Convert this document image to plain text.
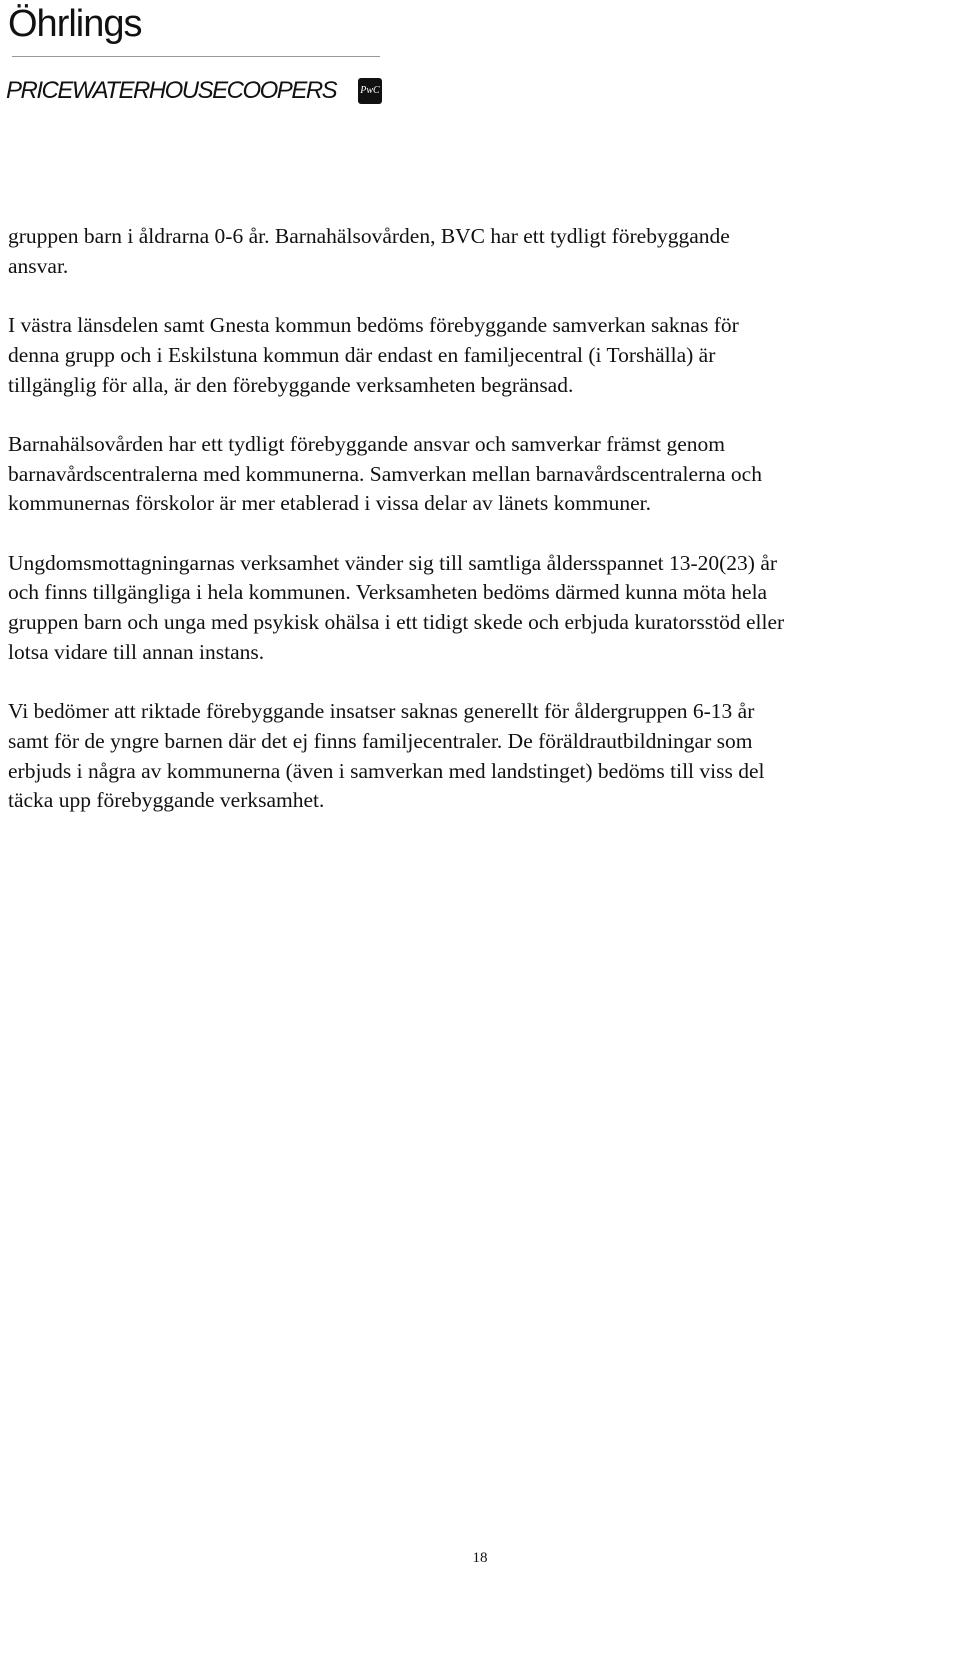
Öhrlings
PRICEWATERHOUSECOOPERS PwC

gruppen barn i åldrarna 0-6 år. Barnahälsovården, BVC har ett tydligt förebyggande
ansvar.

I västra länsdelen samt Gnesta kommun bedöms förebyggande samverkan saknas för
denna grupp och i Eskilstuna kommun där endast en familjecentral (i Torshälla) är
tillgänglig för alla, är den förebyggande verksamheten begränsad.

Barnahälsovården har ett tydligt förebyggande ansvar och samverkar främst genom
barnavårdscentralerna med kommunerna. Samverkan mellan barnavårdscentralerna och
kommunernas förskolor är mer etablerad i vissa delar av länets kommuner.

Ungdomsmottagningarnas verksamhet vänder sig till samtliga åldersspannet 13-20(23) år
och finns tillgängliga i hela kommunen. Verksamheten bedöms därmed kunna möta hela
gruppen barn och unga med psykisk ohälsa i ett tidigt skede och erbjuda kuratorsstöd eller
lotsa vidare till annan instans.

Vi bedömer att riktade förebyggande insatser saknas generellt för åldergruppen 6-13 år
samt för de yngre barnen där det ej finns familjecentraler. De föräldrautbildningar som
erbjuds i några av kommunerna (även i samverkan med landstinget) bedöms till viss del
täcka upp förebyggande verksamhet.

18
